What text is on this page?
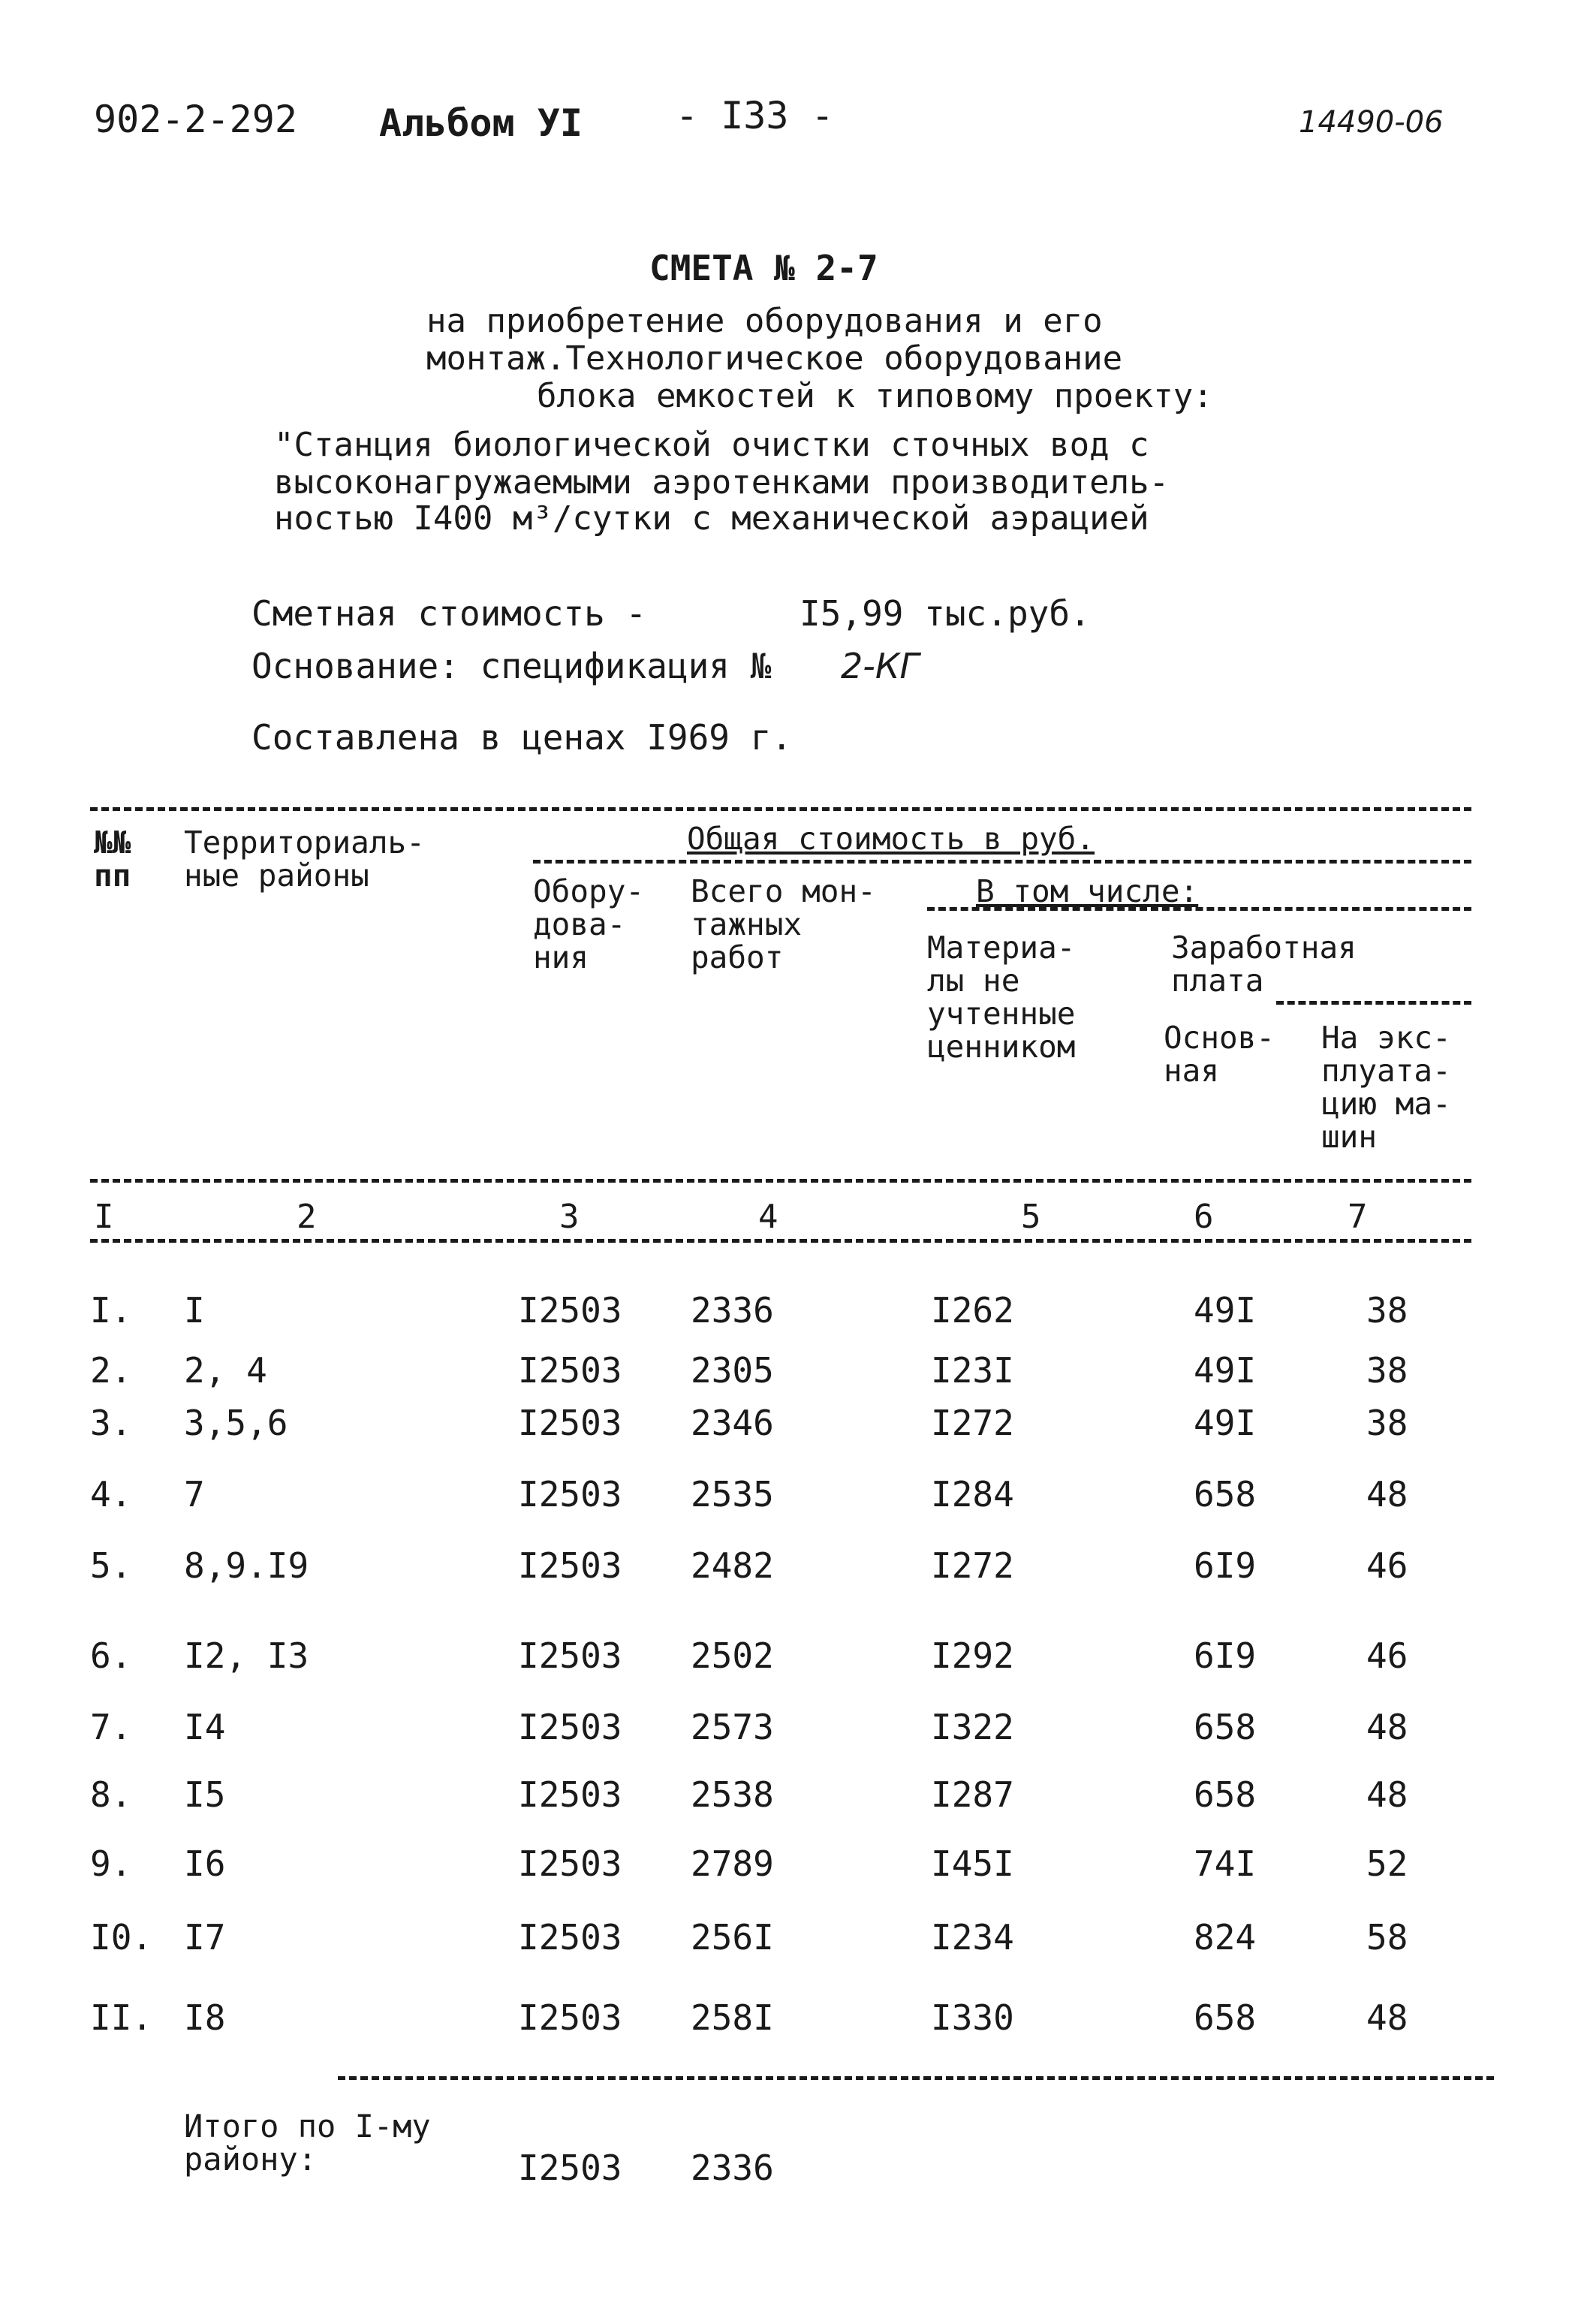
902-2-292 Альбом УI - I33 -	14490-06
СМЕТА № 2-7
на приобретение оборудования и его
монтаж.Технологическое оборудование
блока емкостей к типовому проекту:
"Станция биологической очистки сточных вод с
высоконагружаемыми аэротенками производитель-
ностью I400 м³/сутки с механической аэрацией
Сметная стоимость -	I5,99 тыс.руб.
Основание: спецификация № 2-КГ
Составлена в ценах I969 г.
№№
пп
Территориаль-
ные районы
Общая стоимость в руб.
Обору-
дова-
ния
Всего мон-
тажных
работ
В том числе:
Материа-
лы не
учтенные
ценником
Заработная
плата
Основ-
ная
На экс-
плуата-
цию ма-
шин
I	2	3	4	5	6	7
I. I	I2503 2336	I262	49I	38
2. 2, 4	I2503 2305	I23I	49I	38
3. 3,5,6	I2503 2346	I272	49I	38
4. 7	I2503 2535	I284	658	48
5. 8,9.I9	I2503 2482	I272	6I9	46
6. I2, I3	I2503 2502	I292	6I9	46
7. I4	I2503 2573	I322	658	48
8. I5	I2503 2538	I287	658	48
9. I6	I2503 2789	I45I	74I	52
I0. I7	I2503 256I	I234	824	58
II. I8	I2503 258I	I330	658	48
Итого по I-му
району:	I2503 2336
